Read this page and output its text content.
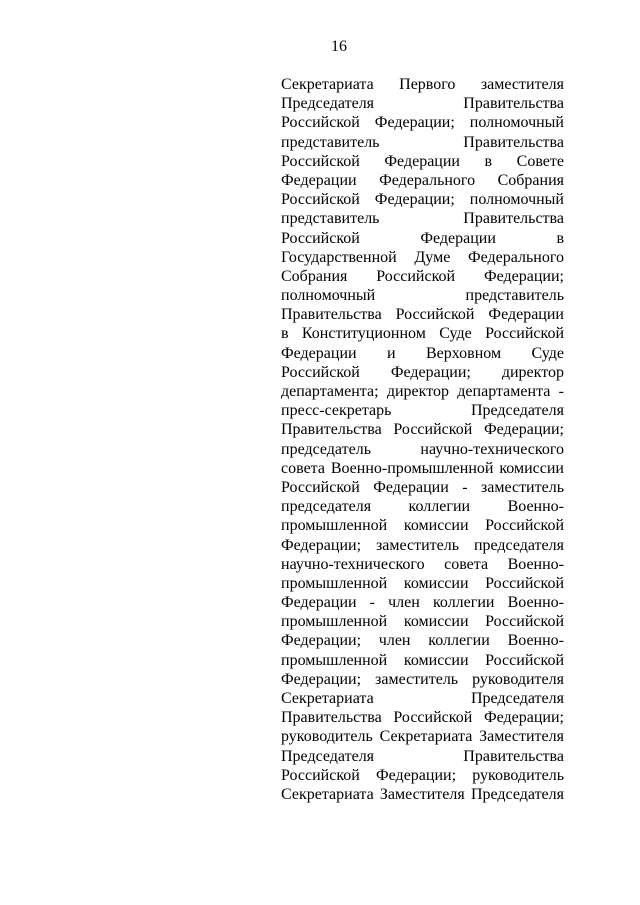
16
Секретариата Первого заместителя
Председателя Правительства
Российской Федерации; полномочный
представитель Правительства
Российской Федерации в Совете
Федерации Федерального Собрания
Российской Федерации; полномочный
представитель Правительства
Российской Федерации в
Государственной Думе Федерального
Собрания Российской Федерации;
полномочный представитель
Правительства Российской Федерации
в Конституционном Суде Российской
Федерации и Верховном Суде
Российской Федерации; директор
департамента; директор департамента -
пресс-секретарь Председателя
Правительства Российской Федерации;
председатель научно-технического
совета Военно-промышленной комиссии
Российской Федерации - заместитель
председателя коллегии Военно-
промышленной комиссии Российской
Федерации; заместитель председателя
научно-технического совета Военно-
промышленной комиссии Российской
Федерации - член коллегии Военно-
промышленной комиссии Российской
Федерации; член коллегии Военно-
промышленной комиссии Российской
Федерации; заместитель руководителя
Секретариата Председателя
Правительства Российской Федерации;
руководитель Секретариата Заместителя
Председателя Правительства
Российской Федерации; руководитель
Секретариата Заместителя Председателя
